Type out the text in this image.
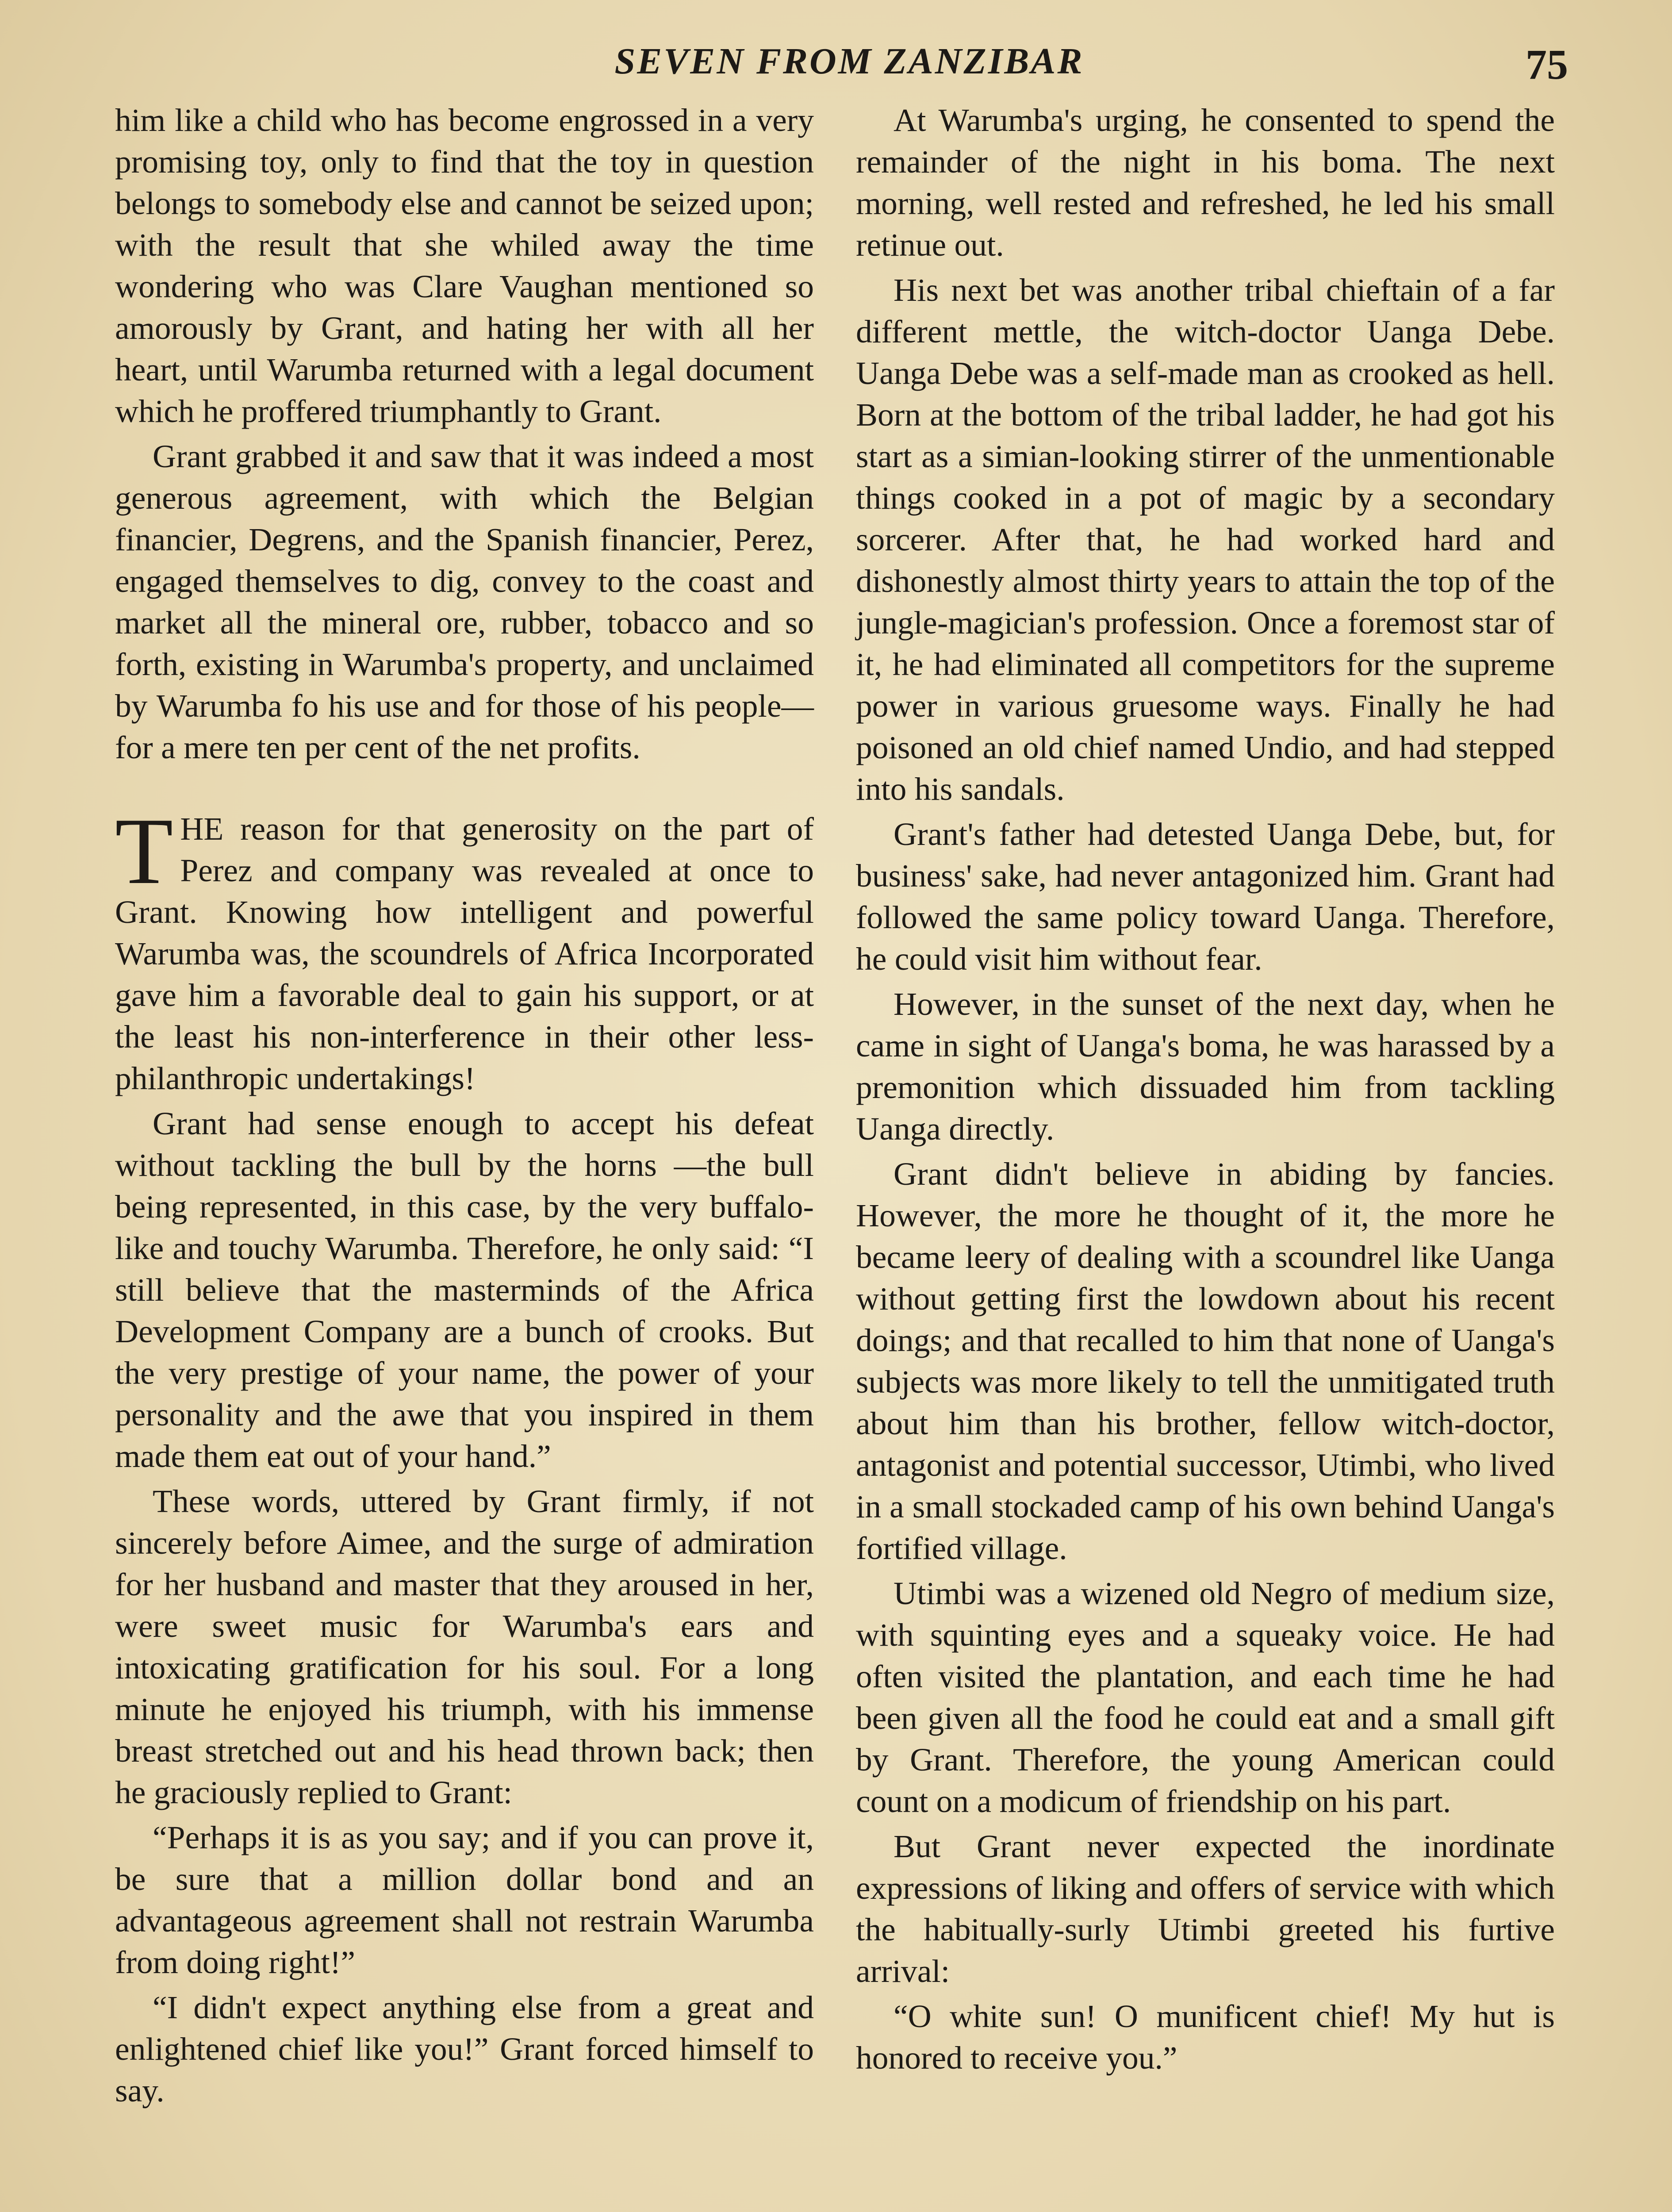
SEVEN FROM ZANZIBAR	75

him like a child who has become engrossed in a very promising toy, only to find that the toy in question belongs to somebody else and cannot be seized upon; with the result that she whiled away the time wondering who was Clare Vaughan mentioned so amorously by Grant, and hating her with all her heart, until Warumba returned with a legal document which he proffered triumphantly to Grant.

Grant grabbed it and saw that it was indeed a most generous agreement, with which the Belgian financier, Degrens, and the Spanish financier, Perez, engaged themselves to dig, convey to the coast and market all the mineral ore, rubber, tobacco and so forth, existing in Warumba's property, and unclaimed by Warumba fo his use and for those of his people—for a mere ten per cent of the net profits.

THE reason for that generosity on the part of Perez and company was revealed at once to Grant. Knowing how intelligent and powerful Warumba was, the scoundrels of Africa Incorporated gave him a favorable deal to gain his support, or at the least his non-interference in their other less-philanthropic undertakings!

Grant had sense enough to accept his defeat without tackling the bull by the horns —the bull being represented, in this case, by the very buffalo-like and touchy Warumba. Therefore, he only said: “I still believe that the masterminds of the Africa Development Company are a bunch of crooks. But the very prestige of your name, the power of your personality and the awe that you inspired in them made them eat out of your hand.”

These words, uttered by Grant firmly, if not sincerely before Aimee, and the surge of admiration for her husband and master that they aroused in her, were sweet music for Warumba's ears and intoxicating gratification for his soul. For a long minute he enjoyed his triumph, with his immense breast stretched out and his head thrown back; then he graciously replied to Grant:

“Perhaps it is as you say; and if you can prove it, be sure that a million dollar bond and an advantageous agreement shall not restrain Warumba from doing right!”

“I didn't expect anything else from a great and enlightened chief like you!” Grant forced himself to say.

At Warumba's urging, he consented to spend the remainder of the night in his boma. The next morning, well rested and refreshed, he led his small retinue out.

His next bet was another tribal chieftain of a far different mettle, the witch-doctor Uanga Debe. Uanga Debe was a self-made man as crooked as hell. Born at the bottom of the tribal ladder, he had got his start as a simian-looking stirrer of the unmentionable things cooked in a pot of magic by a secondary sorcerer. After that, he had worked hard and dishonestly almost thirty years to attain the top of the jungle-magician's profession. Once a foremost star of it, he had eliminated all competitors for the supreme power in various gruesome ways. Finally he had poisoned an old chief named Undio, and had stepped into his sandals.

Grant's father had detested Uanga Debe, but, for business' sake, had never antagonized him. Grant had followed the same policy toward Uanga. Therefore, he could visit him without fear.

However, in the sunset of the next day, when he came in sight of Uanga's boma, he was harassed by a premonition which dissuaded him from tackling Uanga directly.

Grant didn't believe in abiding by fancies. However, the more he thought of it, the more he became leery of dealing with a scoundrel like Uanga without getting first the lowdown about his recent doings; and that recalled to him that none of Uanga's subjects was more likely to tell the unmitigated truth about him than his brother, fellow witch-doctor, antagonist and potential successor, Utimbi, who lived in a small stockaded camp of his own behind Uanga's fortified village.

Utimbi was a wizened old Negro of medium size, with squinting eyes and a squeaky voice. He had often visited the plantation, and each time he had been given all the food he could eat and a small gift by Grant. Therefore, the young American could count on a modicum of friendship on his part.

But Grant never expected the inordinate expressions of liking and offers of service with which the habitually-surly Utimbi greeted his furtive arrival:

“O white sun! O munificent chief! My hut is honored to receive you.”
